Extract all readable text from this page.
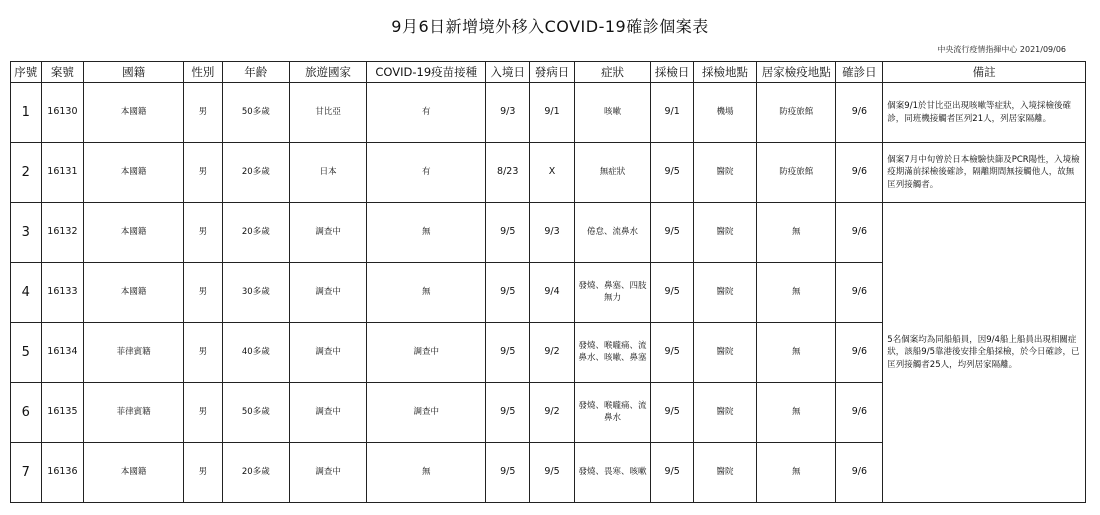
9月6日新增境外移入COVID-19確診個案表
中央流行疫情指揮中心 2021/09/06
序號	案號	國籍	性別	年齡	旅遊國家	COVID-19疫苗接種	入境日	發病日	症狀	採檢日	採檢地點	居家檢疫地點	確診日	備註
1	16130	本國籍	男	50多歲	甘比亞	有	9/3	9/1	咳嗽	9/1	機場	防疫旅館	9/6	個案9/1於甘比亞出現咳嗽等症狀，入境採檢後確診，同班機接觸者匡列21人，列居家隔離。
2	16131	本國籍	男	20多歲	日本	有	8/23	X	無症狀	9/5	醫院	防疫旅館	9/6	個案7月中旬曾於日本檢驗快篩及PCR陽性，入境檢疫期滿前採檢後確診，隔離期間無接觸他人，故無匡列接觸者。
3	16132	本國籍	男	20多歲	調查中	無	9/5	9/3	倦怠、流鼻水	9/5	醫院	無	9/6	5名個案均為同船船員，因9/4船上船員出現相關症狀，該船9/5靠港後安排全船採檢，於今日確診，已匡列接觸者25人，均列居家隔離。
4	16133	本國籍	男	30多歲	調查中	無	9/5	9/4	發燒、鼻塞、四肢無力	9/5	醫院	無	9/6	
5	16134	菲律賓籍	男	40多歲	調查中	調查中	9/5	9/2	發燒、喉嚨痛、流鼻水、咳嗽、鼻塞	9/5	醫院	無	9/6	
6	16135	菲律賓籍	男	50多歲	調查中	調查中	9/5	9/2	發燒、喉嚨痛、流鼻水	9/5	醫院	無	9/6	
7	16136	本國籍	男	20多歲	調查中	無	9/5	9/5	發燒、畏寒、咳嗽	9/5	醫院	無	9/6	
